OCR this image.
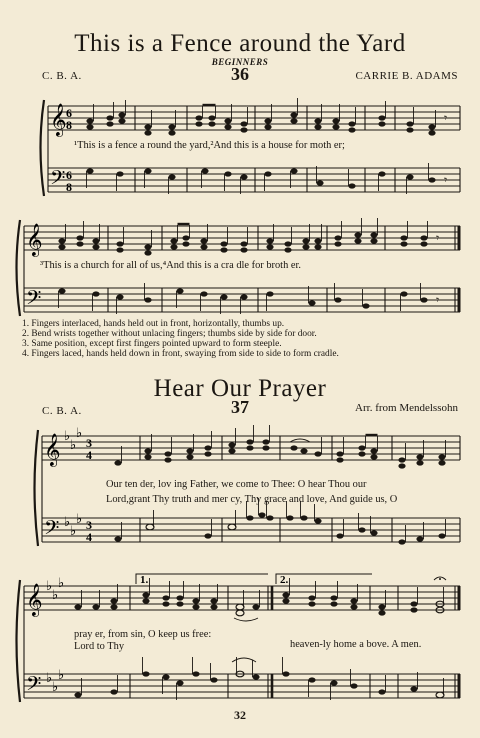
This is a Fence around the Yard
BEGINNERS
36
C. B. A.	CARRIE B. ADAMS
𝄞
𝄢
6
8
6
8
𝄾
𝄾
¹This is a fence a round the yard,²And this is a house for moth er;
𝄞
𝄢
𝄾
𝄾
³This is a church for all of us,⁴And this is a cra dle for broth er.
1. Fingers interlaced, hands held out in front, horizontally, thumbs up.
2. Bend wrists together without unlacing fingers; thumbs side by side for door.
3. Same position, except first fingers pointed upward to form steeple.
4. Fingers laced, hands held down in front, swaying from side to side to form cradle.
Hear Our Prayer
37
C. B. A.	Arr. from Mendelssohn
𝄞
𝄢
♭
♭
♭
♭
♭
♭
3
4
3
4
Our ten der, lov ing Father, we come to Thee: O hear Thou our
Lord,grant Thy truth and mer cy, Thy grace and love, And guide us, O
𝄞
𝄢
♭
♭
♭
♭
♭
♭
1.	2.
pray er, from sin, O keep us free:
heaven-ly home a bove. A men.
Lord to Thy
32
